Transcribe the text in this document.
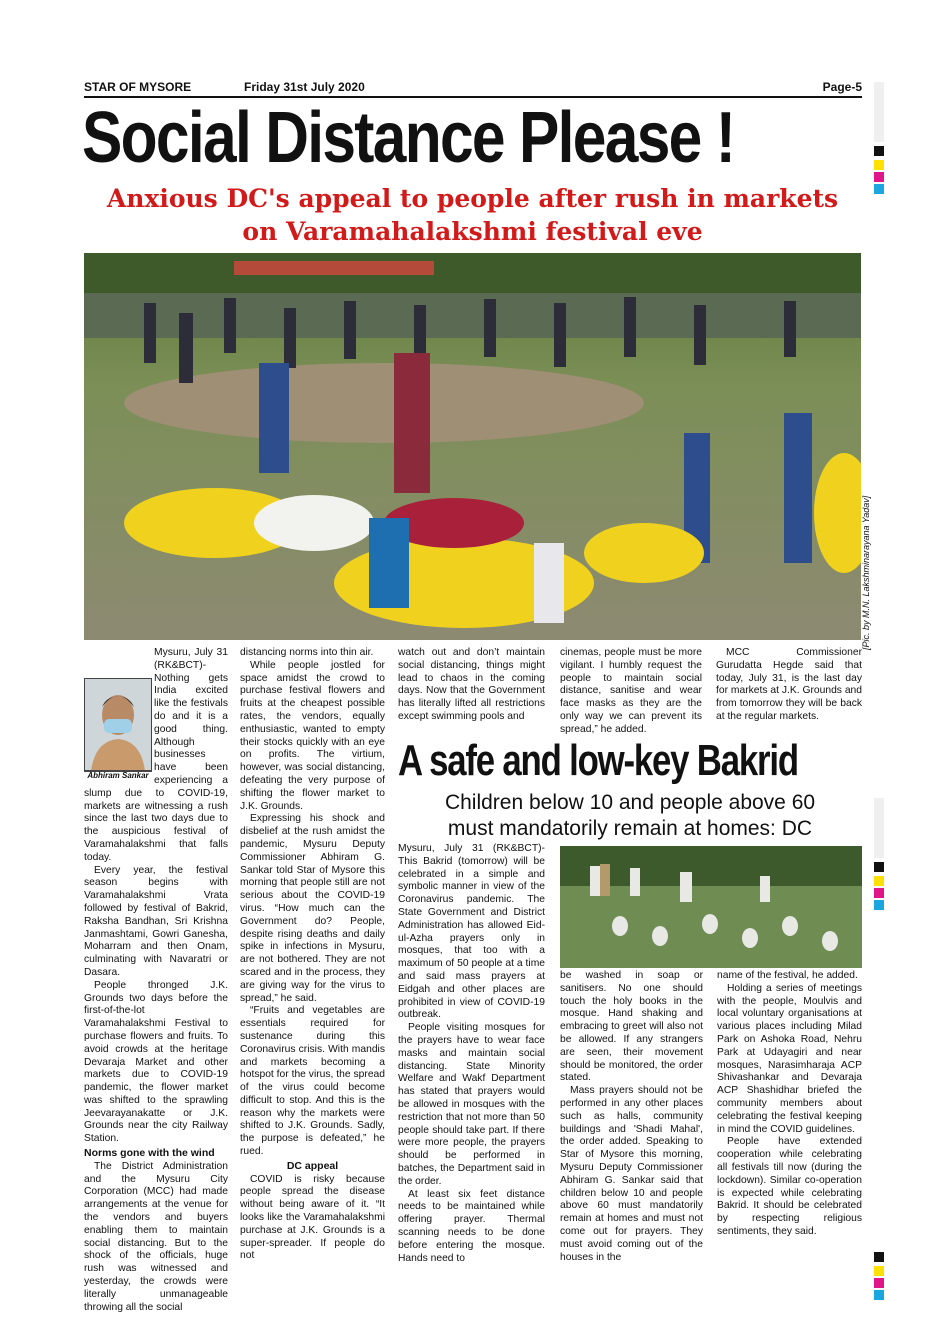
STAR OF MYSORE	Friday 31st July 2020	Page-5
Social Distance Please !
Anxious DC's appeal to people after rush in markets
on Varamahalakshmi festival eve
[Pic. by M.N. Lakshminarayana Yadav]
Abhiram Sankar

Mysuru, July 31 (RK&BCT)- Nothing gets India excited like the festivals do and it is a good thing. Although businesses have been experiencing a slump due to COVID-19, markets are witnessing a rush since the last two days due to the auspicious festival of Varamahalakshmi that falls today.

Every year, the festival season begins with Varamahalakshmi Vrata followed by festival of Bakrid, Raksha Bandhan, Sri Krishna Janmashtami, Gowri Ganesha, Moharram and then Onam, culminating with Navaratri or Dasara.

People thronged J.K. Grounds two days before the first-of-the-lot Varamahalakshmi Festival to purchase flowers and fruits. To avoid crowds at the heritage Devaraja Market and other markets due to COVID-19 pandemic, the flower market was shifted to the sprawling Jeevarayanakatte or J.K. Grounds near the city Railway Station.

Norms gone with the wind

The District Administration and the Mysuru City Corporation (MCC) had made arrangements at the venue for the vendors and buyers enabling them to maintain social distancing. But to the shock of the officials, huge rush was witnessed and yesterday, the crowds were literally unmanageable throwing all the social

distancing norms into thin air.

While people jostled for space amidst the crowd to purchase festival flowers and fruits at the cheapest possible rates, the vendors, equally enthusiastic, wanted to empty their stocks quickly with an eye on profits. The virtium, however, was social distancing, defeating the very purpose of shifting the flower market to J.K. Grounds.

Expressing his shock and disbelief at the rush amidst the pandemic, Mysuru Deputy Commissioner Abhiram G. Sankar told Star of Mysore this morning that people still are not serious about the COVID-19 virus. “How much can the Government do? People, despite rising deaths and daily spike in infections in Mysuru, are not bothered. They are not scared and in the process, they are giving way for the virus to spread,” he said.

“Fruits and vegetables are essentials required for sustenance during this Coronavirus crisis. With mandis and markets becoming a hotspot for the virus, the spread of the virus could become difficult to stop. And this is the reason why the markets were shifted to J.K. Grounds. Sadly, the purpose is defeated,” he rued.

DC appeal

COVID is risky because people spread the disease without being aware of it. “It looks like the Varamahalakshmi purchase at J.K. Grounds is a super-spreader. If people do not

watch out and don’t maintain social distancing, things might lead to chaos in the coming days. Now that the Government has literally lifted all restrictions except swimming pools and

cinemas, people must be more vigilant. I humbly request the people to maintain social distance, sanitise and wear face masks as they are the only way we can prevent its spread,” he added.

MCC Commissioner Gurudatta Hegde said that today, July 31, is the last day for markets at J.K. Grounds and from tomorrow they will be back at the regular markets.

A safe and low-key Bakrid
Children below 10 and people above 60
must mandatorily remain at homes: DC

Mysuru, July 31 (RK&BCT)- This Bakrid (tomorrow) will be celebrated in a simple and symbolic manner in view of the Coronavirus pandemic. The State Government and District Administration has allowed Eid-ul-Azha prayers only in mosques, that too with a maximum of 50 people at a time and said mass prayers at Eidgah and other places are prohibited in view of COVID-19 outbreak.

People visiting mosques for the prayers have to wear face masks and maintain social distancing. State Minority Welfare and Wakf Department has stated that prayers would be allowed in mosques with the restriction that not more than 50 people should take part. If there were more people, the prayers should be performed in batches, the Department said in the order.

At least six feet distance needs to be maintained while offering prayer. Thermal scanning needs to be done before entering the mosque. Hands need to

be washed in soap or sanitisers. No one should touch the holy books in the mosque. Hand shaking and embracing to greet will also not be allowed. If any strangers are seen, their movement should be monitored, the order stated.

Mass prayers should not be performed in any other places such as halls, community buildings and 'Shadi Mahal', the order added. Speaking to Star of Mysore this morning, Mysuru Deputy Commissioner Abhiram G. Sankar said that children below 10 and people above 60 must mandatorily remain at homes and must not come out for prayers. They must avoid coming out of the houses in the

name of the festival, he added.

Holding a series of meetings with the people, Moulvis and local voluntary organisations at various places including Milad Park on Ashoka Road, Nehru Park at Udayagiri and near mosques, Narasimharaja ACP Shivashankar and Devaraja ACP Shashidhar briefed the community members about celebrating the festival keeping in mind the COVID guidelines.

People have extended cooperation while celebrating all festivals till now (during the lockdown). Similar co-operation is expected while celebrating Bakrid. It should be celebrated by respecting religious sentiments, they said.
